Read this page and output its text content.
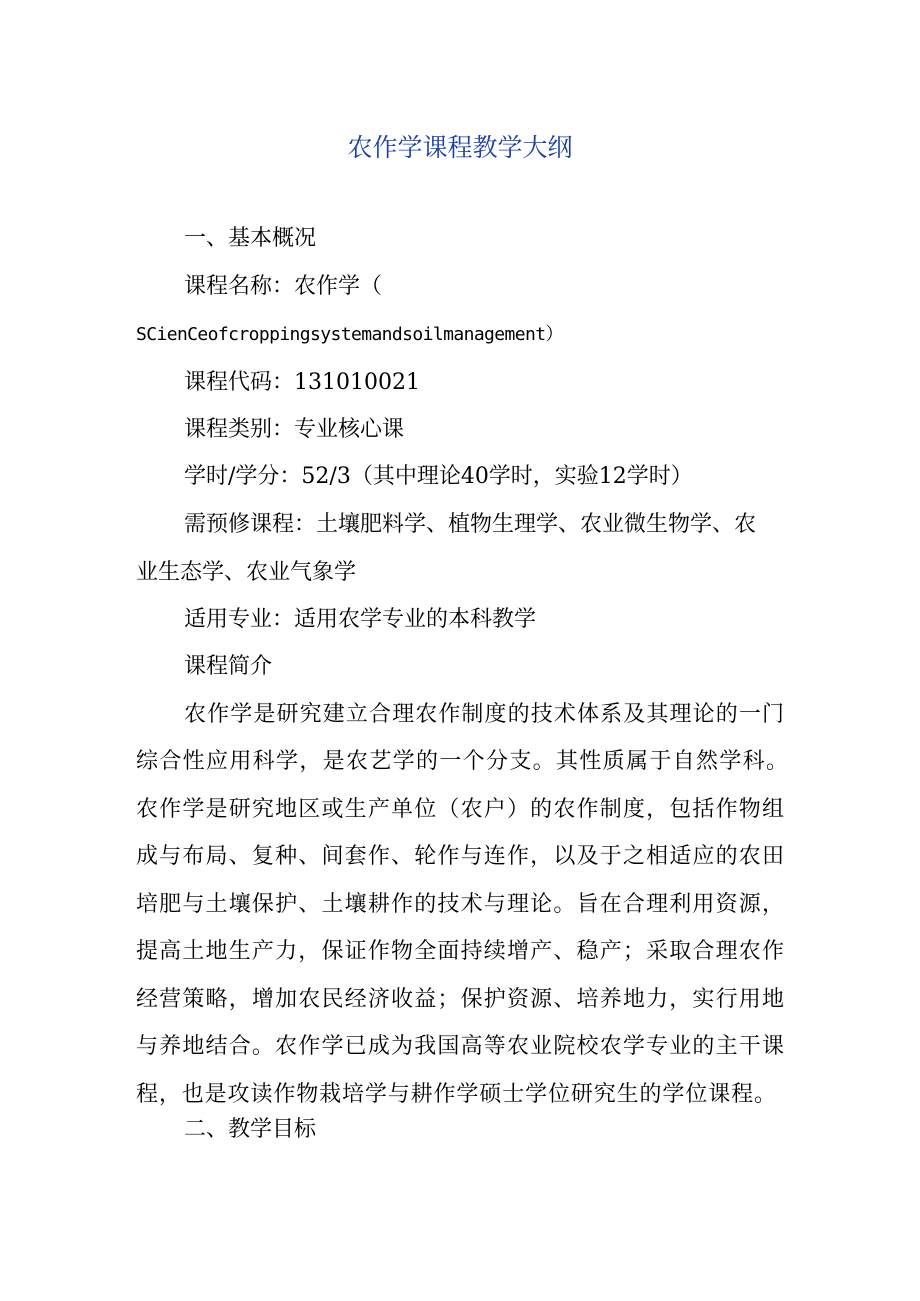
农作学课程教学大纲
一、基本概况
课程名称：农作学（
SCienCeofcroppingsystemandsoilmanagement）
课程代码：131010021
课程类别：专业核心课
学时/学分：52/3（其中理论40学时，实验12学时）
需预修课程：土壤肥料学、植物生理学、农业微生物学、农
业生态学、农业气象学
适用专业：适用农学专业的本科教学
课程简介
农作学是研究建立合理农作制度的技术体系及其理论的一门
综合性应用科学，是农艺学的一个分支。其性质属于自然学科。
农作学是研究地区或生产单位（农户）的农作制度，包括作物组
成与布局、复种、间套作、轮作与连作，以及于之相适应的农田
培肥与土壤保护、土壤耕作的技术与理论。旨在合理利用资源，
提高土地生产力，保证作物全面持续增产、稳产；采取合理农作
经营策略，增加农民经济收益；保护资源、培养地力，实行用地
与养地结合。农作学已成为我国高等农业院校农学专业的主干课
程，也是攻读作物栽培学与耕作学硕士学位研究生的学位课程。
二、教学目标
